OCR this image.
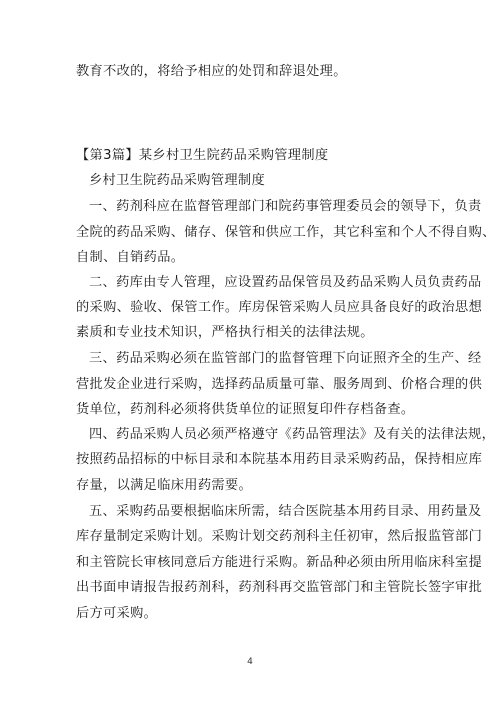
教育不改的，将给予相应的处罚和辞退处理。
【第3篇】某乡村卫生院药品采购管理制度
乡村卫生院药品采购管理制度
一、药剂科应在监督管理部门和院药事管理委员会的领导下，负责
全院的药品采购、储存、保管和供应工作，其它科室和个人不得自购、
自制、自销药品。
二、药库由专人管理，应设置药品保管员及药品采购人员负责药品
的采购、验收、保管工作。库房保管采购人员应具备良好的政治思想
素质和专业技术知识，严格执行相关的法律法规。
三、药品采购必须在监管部门的监督管理下向证照齐全的生产、经
营批发企业进行采购，选择药品质量可靠、服务周到、价格合理的供
货单位，药剂科必须将供货单位的证照复印件存档备查。
四、药品采购人员必须严格遵守《药品管理法》及有关的法律法规，
按照药品招标的中标目录和本院基本用药目录采购药品，保持相应库
存量，以满足临床用药需要。
五、采购药品要根据临床所需，结合医院基本用药目录、用药量及
库存量制定采购计划。采购计划交药剂科主任初审，然后报监管部门
和主管院长审核同意后方能进行采购。新品种必须由所用临床科室提
出书面申请报告报药剂科，药剂科再交监管部门和主管院长签字审批
后方可采购。
4
